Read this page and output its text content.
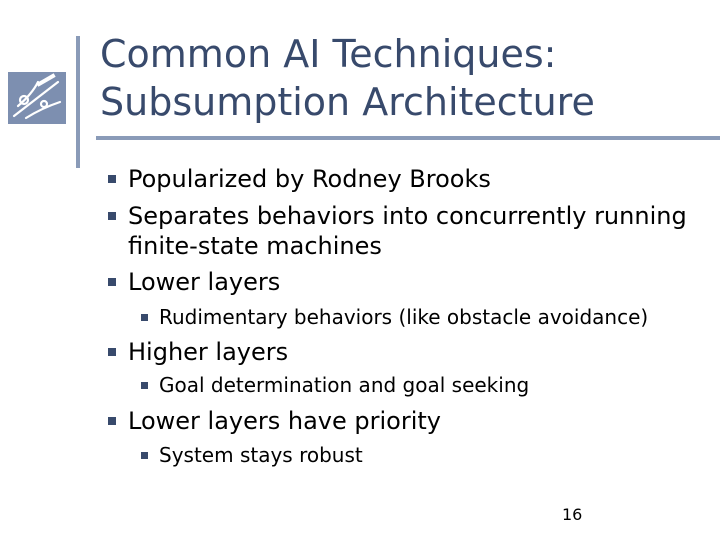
Common AI Techniques:
Subsumption Architecture
Popularized by Rodney Brooks
Separates behaviors into concurrently running
finite-state machines
Lower layers
Rudimentary behaviors (like obstacle avoidance)
Higher layers
Goal determination and goal seeking
Lower layers have priority
System stays robust
16
